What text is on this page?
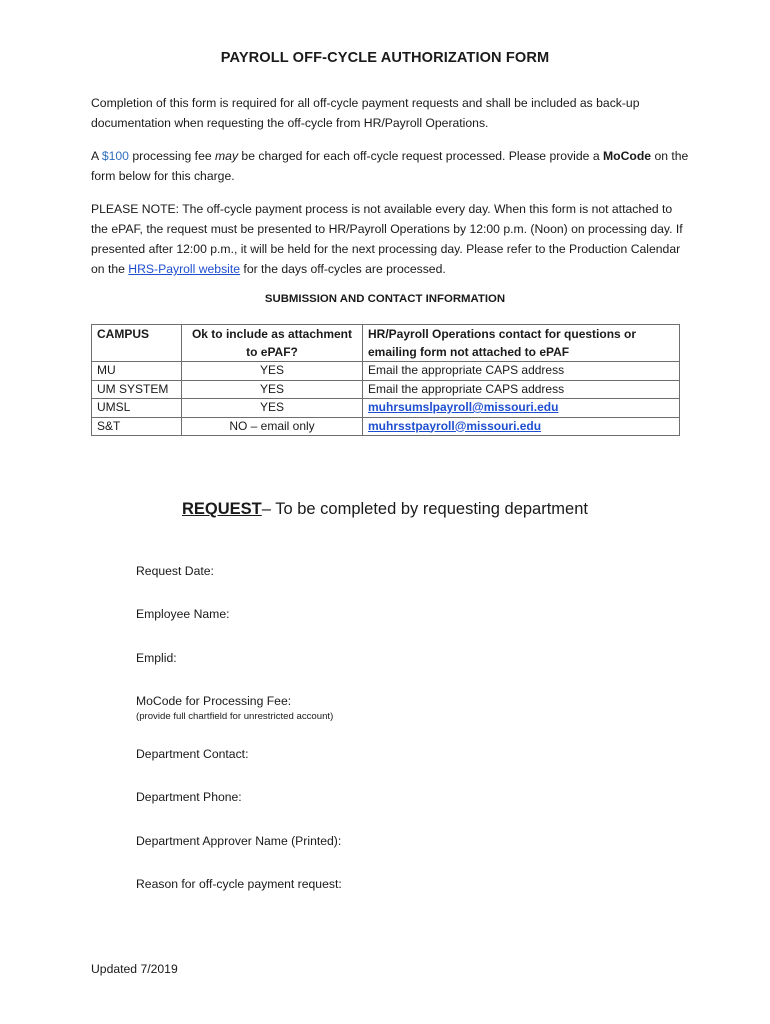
PAYROLL OFF-CYCLE AUTHORIZATION FORM
Completion of this form is required for all off-cycle payment requests and shall be included as back-up documentation when requesting the off-cycle from HR/Payroll Operations.
A $100 processing fee may be charged for each off-cycle request processed. Please provide a MoCode on the form below for this charge.
PLEASE NOTE: The off-cycle payment process is not available every day. When this form is not attached to the ePAF, the request must be presented to HR/Payroll Operations by 12:00 p.m. (Noon) on processing day. If presented after 12:00 p.m., it will be held for the next processing day. Please refer to the Production Calendar on the HRS-Payroll website for the days off-cycles are processed.
SUBMISSION AND CONTACT INFORMATION
CAMPUS	Ok to include as attachment to ePAF?	HR/Payroll Operations contact for questions or emailing form not attached to ePAF
MU	YES	Email the appropriate CAPS address
UM SYSTEM	YES	Email the appropriate CAPS address
UMSL	YES	muhrsumslpayroll@missouri.edu
S&T	NO – email only	muhrsstpayroll@missouri.edu
REQUEST– To be completed by requesting department
Request Date:
Employee Name:
Emplid:
MoCode for Processing Fee:
(provide full chartfield for unrestricted account)
Department Contact:
Department Phone:
Department Approver Name (Printed):
Reason for off-cycle payment request:
Updated 7/2019
